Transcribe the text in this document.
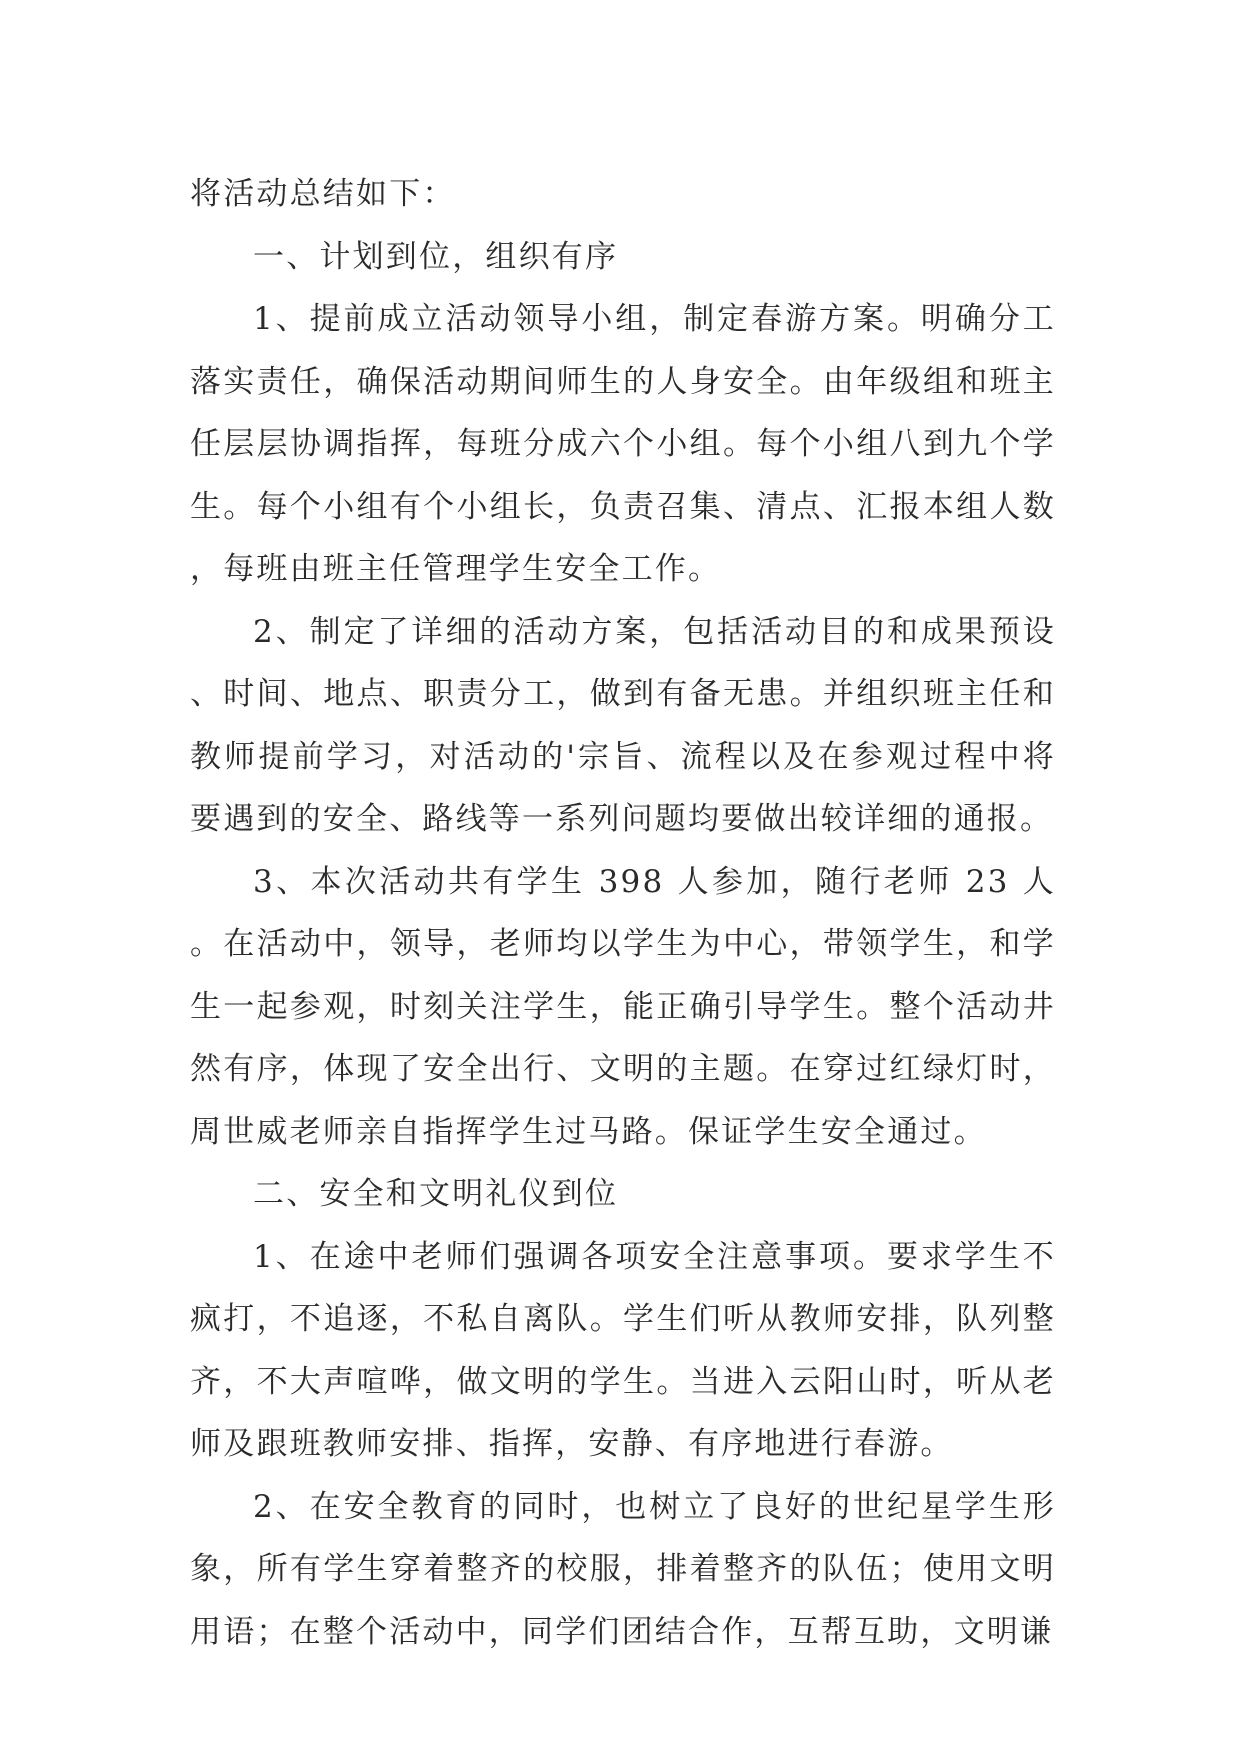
将活动总结如下：

一、计划到位，组织有序

1、提前成立活动领导小组，制定春游方案。明确分工落实责任，确保活动期间师生的人身安全。由年级组和班主任层层协调指挥，每班分成六个小组。每个小组八到九个学生。每个小组有个小组长，负责召集、清点、汇报本组人数，每班由班主任管理学生安全工作。

2、制定了详细的活动方案，包括活动目的和成果预设、时间、地点、职责分工，做到有备无患。并组织班主任和教师提前学习，对活动的'宗旨、流程以及在参观过程中将要遇到的安全、路线等一系列问题均要做出较详细的通报。

3、本次活动共有学生 398 人参加，随行老师 23 人。在活动中，领导，老师均以学生为中心，带领学生，和学生一起参观，时刻关注学生，能正确引导学生。整个活动井然有序，体现了安全出行、文明的主题。在穿过红绿灯时，周世威老师亲自指挥学生过马路。保证学生安全通过。

二、安全和文明礼仪到位

1、在途中老师们强调各项安全注意事项。要求学生不疯打，不追逐，不私自离队。学生们听从教师安排，队列整齐，不大声喧哗，做文明的学生。当进入云阳山时，听从老师及跟班教师安排、指挥，安静、有序地进行春游。

2、在安全教育的同时，也树立了良好的世纪星学生形象，所有学生穿着整齐的校服，排着整齐的队伍；使用文明用语；在整个活动中，同学们团结合作，互帮互助，文明谦
